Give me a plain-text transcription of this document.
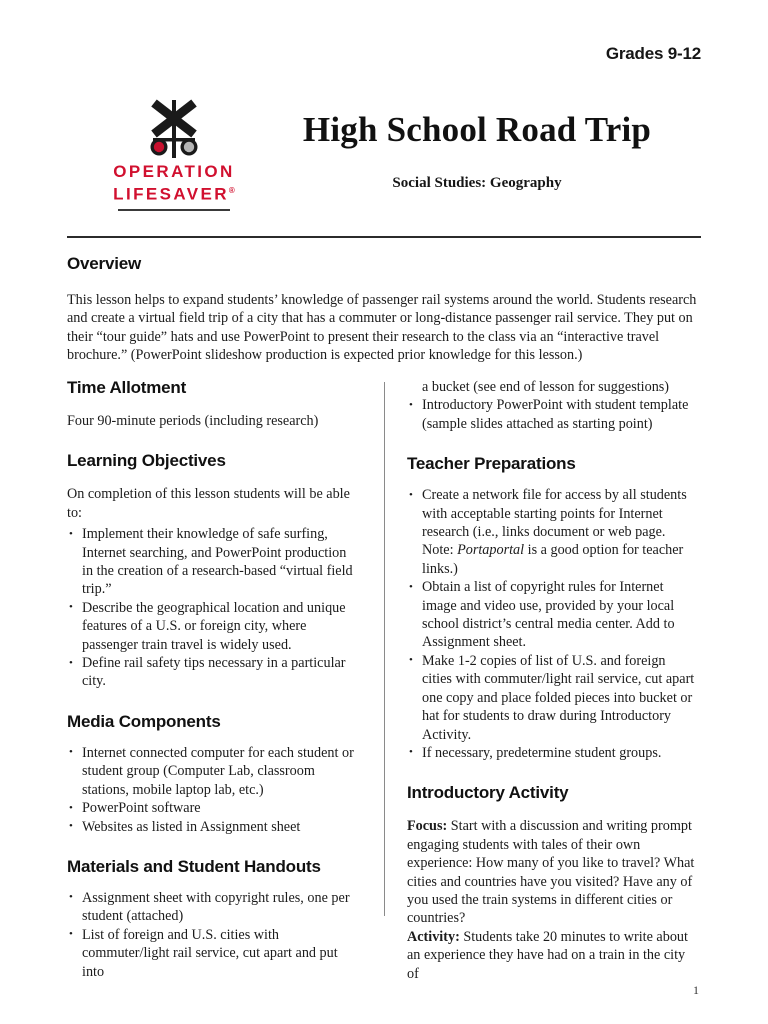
Grades 9-12
OPERATION
LIFESAVER®
High School Road Trip
Social Studies: Geography
Overview

This lesson helps to expand students’ knowledge of passenger rail systems around the world. Students research and create a virtual field trip of a city that has a commuter or long-distance passenger rail service. They put on their “tour guide” hats and use PowerPoint to present their research to the class via an “interactive travel brochure.” (PowerPoint slideshow production is expected prior knowledge for this lesson.)

Time Allotment

Four 90-minute periods (including research)

Learning Objectives

On completion of this lesson students will be able to:

• Implement their knowledge of safe surfing, Internet searching, and PowerPoint production in the creation of a research-based “virtual field trip.”
• Describe the geographical location and unique features of a U.S. or foreign city, where passenger train travel is widely used.
• Define rail safety tips necessary in a particular city.
Media Components
• Internet connected computer for each student or student group (Computer Lab, classroom stations, mobile laptop lab, etc.)
• PowerPoint software
• Websites as listed in Assignment sheet
Materials and Student Handouts
• Assignment sheet with copyright rules, one per student (attached)
• List of foreign and U.S. cities with commuter/light rail service, cut apart and put into
a bucket (see end of lesson for suggestions)
• Introductory PowerPoint with student template (sample slides attached as starting point)
Teacher Preparations
• Create a network file for access by all students with acceptable starting points for Internet research (i.e., links document or web page. Note: Portaportal is a good option for teacher links.)
• Obtain a list of copyright rules for Internet image and video use, provided by your local school district’s central media center. Add to Assignment sheet.
• Make 1-2 copies of list of U.S. and foreign cities with commuter/light rail service, cut apart one copy and place folded pieces into bucket or hat for students to draw during Introductory Activity.
• If necessary, predetermine student groups.
Introductory Activity

Focus: Start with a discussion and writing prompt engaging students with tales of their own experience: How many of you like to travel? What cities and countries have you visited? Have any of you used the train systems in different cities or countries?

Activity: Students take 20 minutes to write about an experience they have had on a train in the city of

1
